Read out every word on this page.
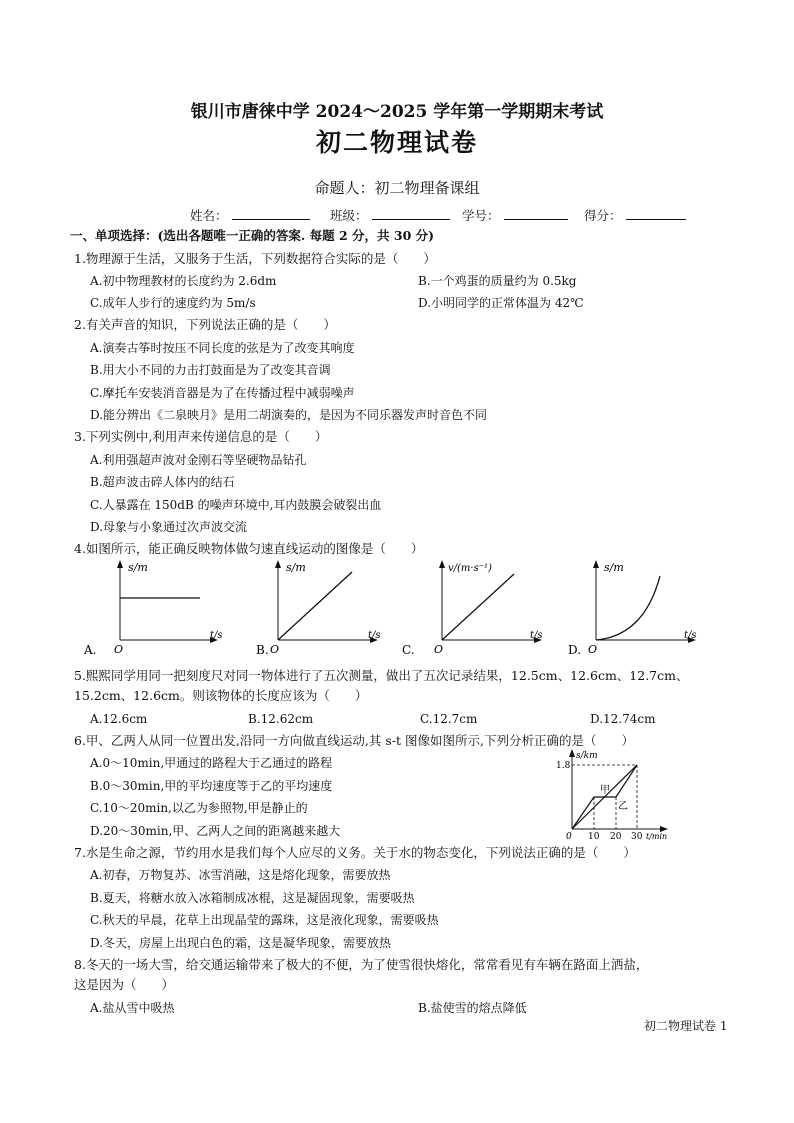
银川市唐徕中学 2024～2025 学年第一学期期末考试
初二物理试卷
命题人：初二物理备课组
姓名：	班级：	学号：	得分：
一、单项选择：(选出各题唯一正确的答案. 每题 2 分，共 30 分)
1.物理源于生活，又服务于生活，下列数据符合实际的是（　　）
A.初中物理教材的长度约为 2.6dm	B.一个鸡蛋的质量约为 0.5kg
C.成年人步行的速度约为 5m/s	D.小明同学的正常体温为 42℃
2.有关声音的知识，下列说法正确的是（　　）
A.演奏古筝时按压不同长度的弦是为了改变其响度
B.用大小不同的力击打鼓面是为了改变其音调
C.摩托车安装消音器是为了在传播过程中减弱噪声
D.能分辨出《二泉映月》是用二胡演奏的，是因为不同乐器发声时音色不同
3.下列实例中,利用声来传递信息的是（　　）
A.利用强超声波对金刚石等坚硬物品钻孔
B.超声波击碎人体内的结石
C.人暴露在 150dB 的噪声环境中,耳内鼓膜会破裂出血
D.母象与小象通过次声波交流
4.如图所示，能正确反映物体做匀速直线运动的图像是（　　）
A.
s/m
t/s
O	B.
s/m
t/s
O
v/(m·s⁻¹)
t/s
O	D.
s/m
t/s
O
C.
5.熙熙同学用同一把刻度尺对同一物体进行了五次测量，做出了五次记录结果，12.5cm、12.6cm、12.7cm、
15.2cm、12.6cm。则该物体的长度应该为（　　）
A.12.6cm	B.12.62cm	C.12.7cm	D.12.74cm
6.甲、乙两人从同一位置出发,沿同一方向做直线运动,其 s-t 图像如图所示,下列分析正确的是（　　）
A.0～10min,甲通过的路程大于乙通过的路程
B.0～30min,甲的平均速度等于乙的平均速度
C.10～20min,以乙为参照物,甲是静止的
D.20～30min,甲、乙两人之间的距离越来越大
s/km
1.8
甲
乙
0 10 20 30 t/min
7.水是生命之源，节约用水是我们每个人应尽的义务。关于水的物态变化，下列说法正确的是（　　）
A.初春，万物复苏、冰雪消融，这是熔化现象，需要放热
B.夏天，将糖水放入冰箱制成冰棍，这是凝固现象，需要吸热
C.秋天的早晨，花草上出现晶莹的露珠，这是液化现象，需要吸热
D.冬天，房屋上出现白色的霜，这是凝华现象，需要放热
8.冬天的一场大雪，给交通运输带来了极大的不便，为了使雪很快熔化，常常看见有车辆在路面上洒盐，
这是因为（　　）
A.盐从雪中吸热	B.盐使雪的熔点降低
初二物理试卷 1
